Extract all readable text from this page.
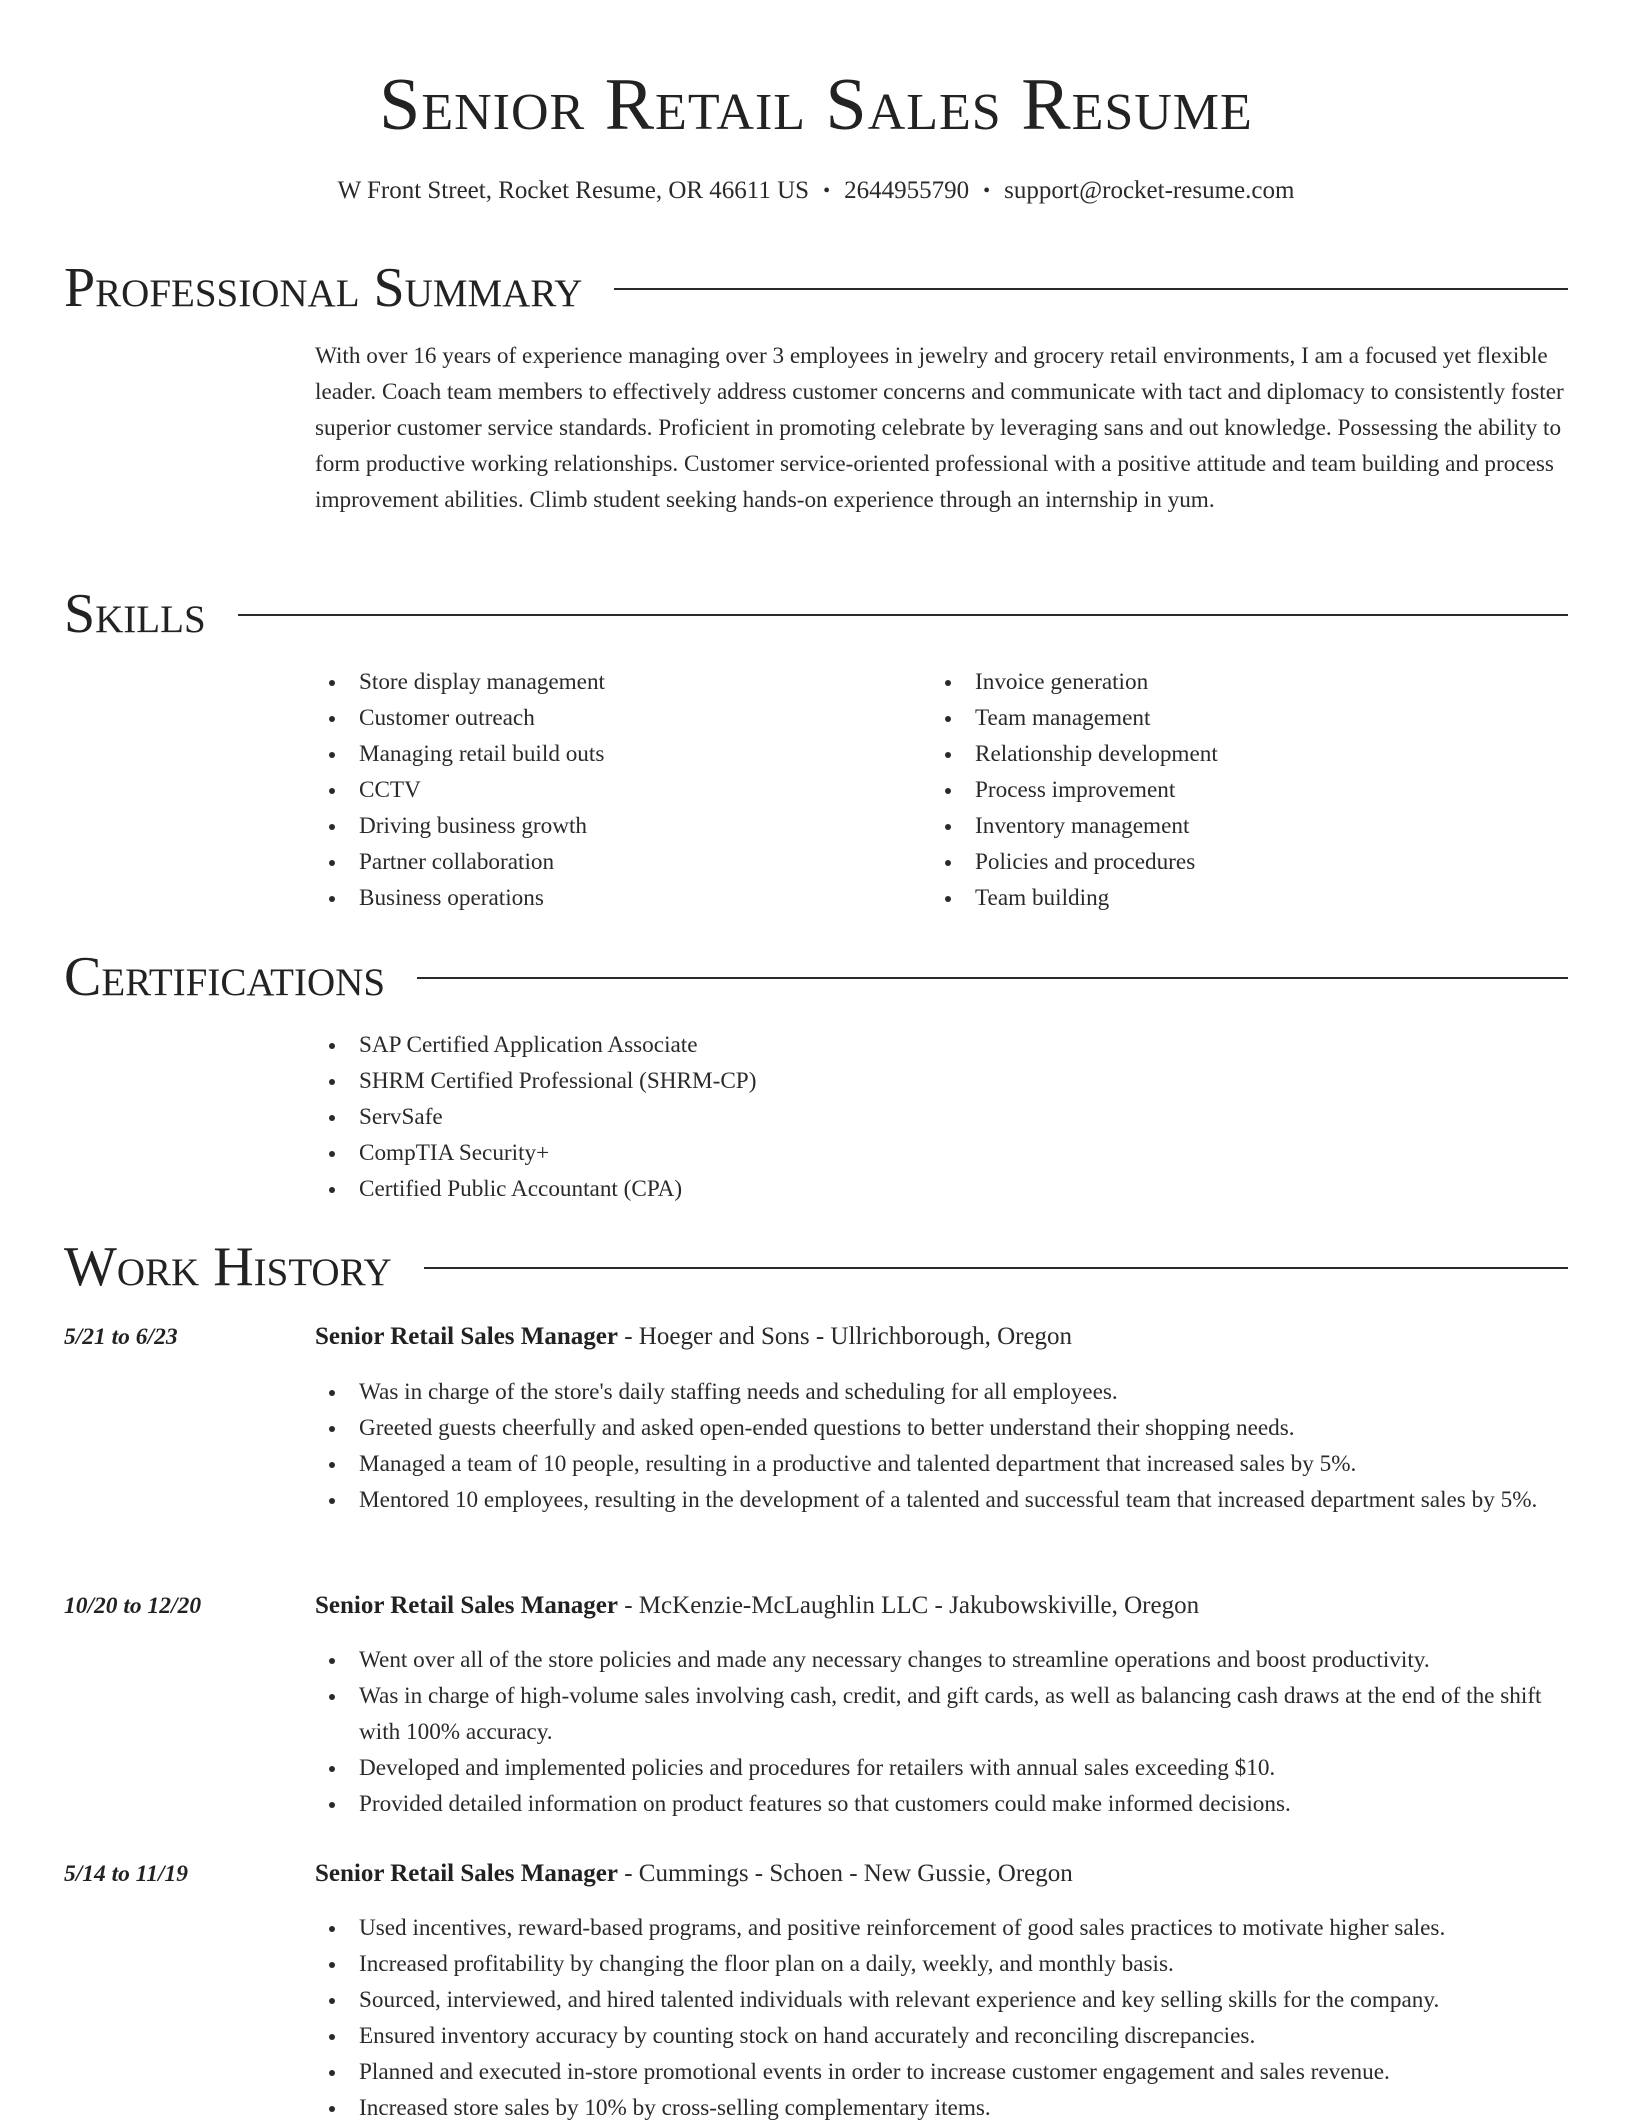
Senior Retail Sales Resume
W Front Street, Rocket Resume, OR 46611 US • 2644955790 • support@rocket-resume.com
Professional Summary

With over 16 years of experience managing over 3 employees in jewelry and grocery retail environments, I am a focused yet flexible leader. Coach team members to effectively address customer concerns and communicate with tact and diplomacy to consistently foster superior customer service standards. Proficient in promoting celebrate by leveraging sans and out knowledge. Possessing the ability to form productive working relationships. Customer service-oriented professional with a positive attitude and team building and process improvement abilities. Climb student seeking hands-on experience through an internship in yum.

Skills
Store display management
Customer outreach
Managing retail build outs
CCTV
Driving business growth
Partner collaboration
Business operations
Invoice generation
Team management
Relationship development
Process improvement
Inventory management
Policies and procedures
Team building
Certifications
SAP Certified Application Associate
SHRM Certified Professional (SHRM-CP)
ServSafe
CompTIA Security+
Certified Public Accountant (CPA)
Work History
5/21 to 6/23	Senior Retail Sales Manager - Hoeger and Sons - Ullrichborough, Oregon
Was in charge of the store's daily staffing needs and scheduling for all employees.
Greeted guests cheerfully and asked open-ended questions to better understand their shopping needs.
Managed a team of 10 people, resulting in a productive and talented department that increased sales by 5%.
Mentored 10 employees, resulting in the development of a talented and successful team that increased department sales by 5%.
10/20 to 12/20	Senior Retail Sales Manager - McKenzie-McLaughlin LLC - Jakubowskiville, Oregon
Went over all of the store policies and made any necessary changes to streamline operations and boost productivity.
Was in charge of high-volume sales involving cash, credit, and gift cards, as well as balancing cash draws at the end of the shift with 100% accuracy.
Developed and implemented policies and procedures for retailers with annual sales exceeding $10.
Provided detailed information on product features so that customers could make informed decisions.
5/14 to 11/19	Senior Retail Sales Manager - Cummings - Schoen - New Gussie, Oregon
Used incentives, reward-based programs, and positive reinforcement of good sales practices to motivate higher sales.
Increased profitability by changing the floor plan on a daily, weekly, and monthly basis.
Sourced, interviewed, and hired talented individuals with relevant experience and key selling skills for the company.
Ensured inventory accuracy by counting stock on hand accurately and reconciling discrepancies.
Planned and executed in-store promotional events in order to increase customer engagement and sales revenue.
Increased store sales by 10% by cross-selling complementary items.
